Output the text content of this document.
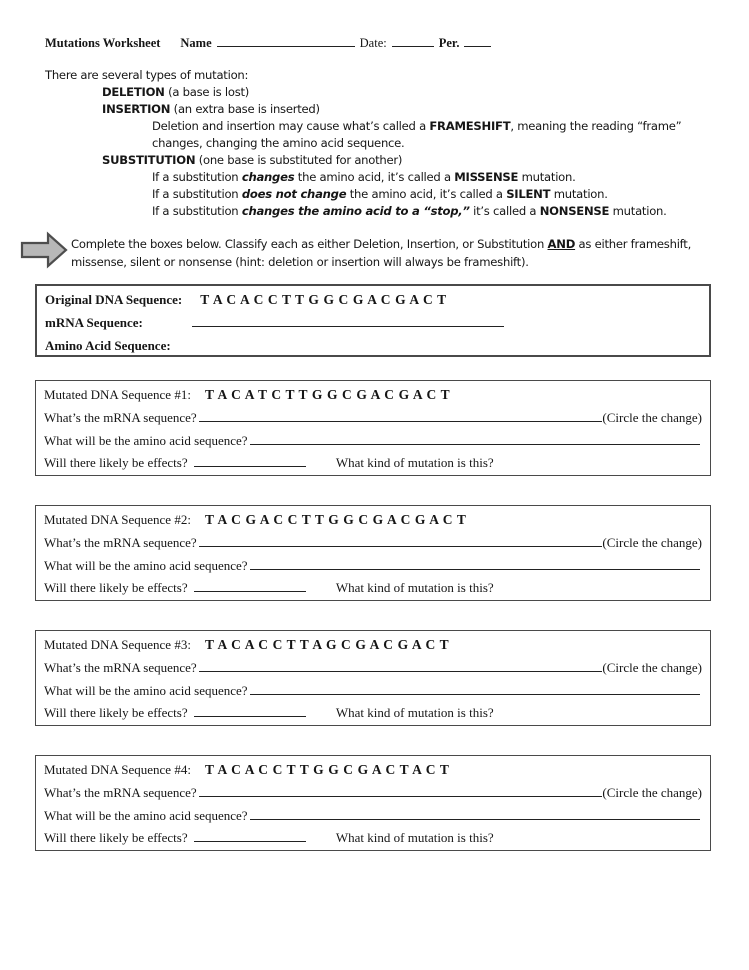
Mutations Worksheet Name	Date:	Per.
There are several types of mutation:
DELETION (a base is lost)
INSERTION (an extra base is inserted)
Deletion and insertion may cause what’s called a FRAMESHIFT, meaning the reading “frame”
changes, changing the amino acid sequence.
SUBSTITUTION (one base is substituted for another)
If a substitution changes the amino acid, it’s called a MISSENSE mutation.
If a substitution does not change the amino acid, it’s called a SILENT mutation.
If a substitution changes the amino acid to a “stop,” it’s called a NONSENSE mutation.
Complete the boxes below. Classify each as either Deletion, Insertion, or Substitution AND as either frameshift, missense, silent or nonsense (hint: deletion or insertion will always be frameshift).
Original DNA Sequence: T A C A C C T T G G C G A C G A C T
mRNA Sequence:
Amino Acid Sequence:
Mutated DNA Sequence #1: T A C A T C T T G G C G A C G A C T
What’s the mRNA sequence?	(Circle the change)
What will be the amino acid sequence?
Will there likely be effects?	What kind of mutation is this?
Mutated DNA Sequence #2: T A C G A C C T T G G C G A C G A C T
What’s the mRNA sequence?	(Circle the change)
What will be the amino acid sequence?
Will there likely be effects?	What kind of mutation is this?
Mutated DNA Sequence #3: T A C A C C T T A G C G A C G A C T
What’s the mRNA sequence?	(Circle the change)
What will be the amino acid sequence?
Will there likely be effects?	What kind of mutation is this?
Mutated DNA Sequence #4: T A C A C C T T G G C G A C T A C T
What’s the mRNA sequence?	(Circle the change)
What will be the amino acid sequence?
Will there likely be effects?	What kind of mutation is this?
